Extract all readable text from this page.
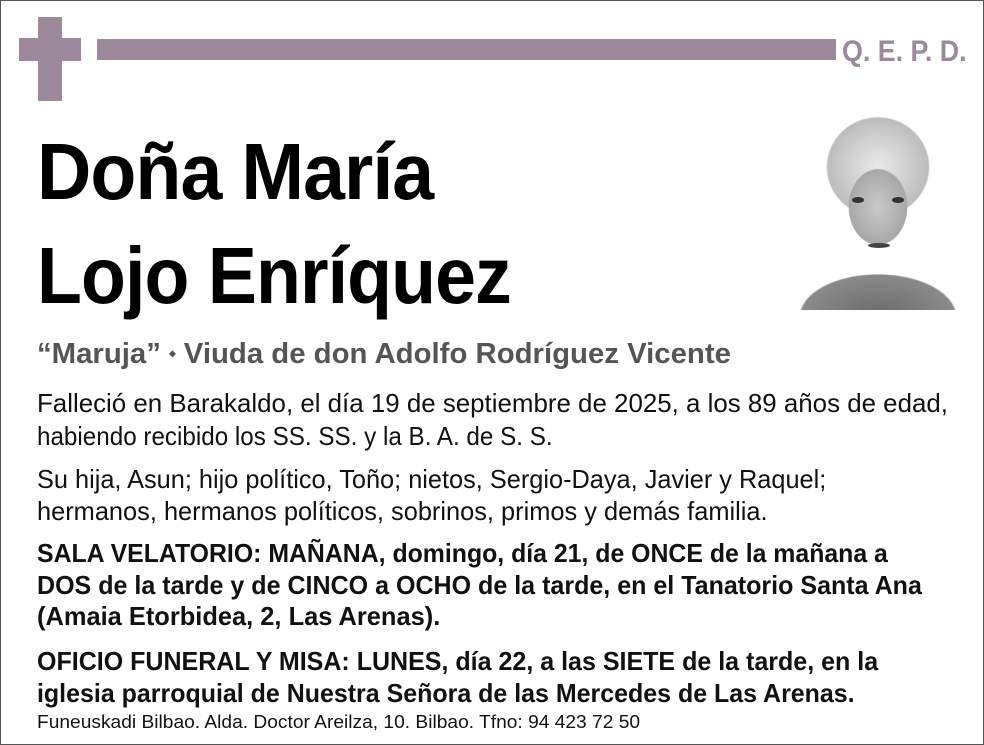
Q. E. P. D.
Doña María
Lojo Enríquez
“Maruja” ⬩ Viuda de don Adolfo Rodríguez Vicente
Falleció en Barakaldo, el día 19 de septiembre de 2025, a los 89 años de edad,
habiendo recibido los SS. SS. y la B. A. de S. S.
Su hija, Asun; hijo político, Toño; nietos, Sergio-Daya, Javier y Raquel;
hermanos, hermanos políticos, sobrinos, primos y demás familia.
SALA VELATORIO: MAÑANA, domingo, día 21, de ONCE de la mañana a
DOS de la tarde y de CINCO a OCHO de la tarde, en el Tanatorio Santa Ana
(Amaia Etorbidea, 2, Las Arenas).
OFICIO FUNERAL Y MISA: LUNES, día 22, a las SIETE de la tarde, en la
iglesia parroquial de Nuestra Señora de las Mercedes de Las Arenas.
Funeuskadi Bilbao. Alda. Doctor Areilza, 10. Bilbao. Tfno: 94 423 72 50
